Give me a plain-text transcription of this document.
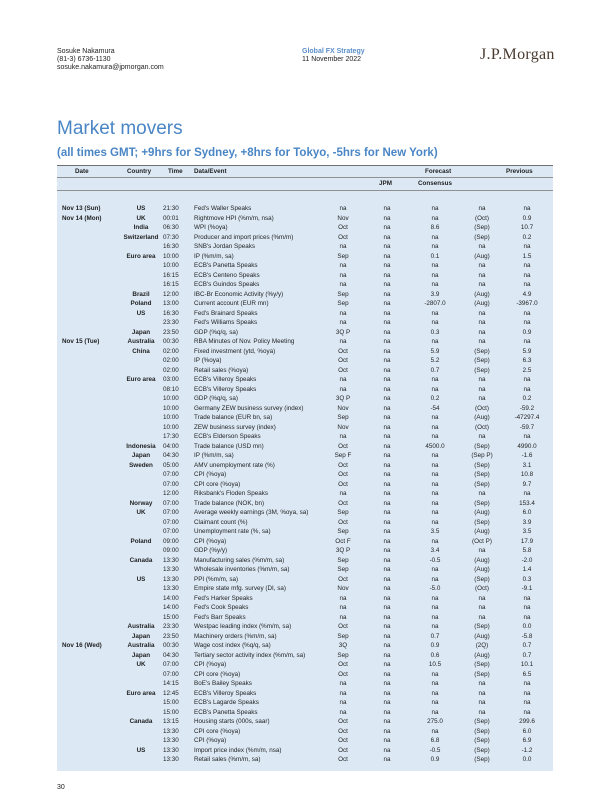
Sosuke Nakamura
(81-3) 6736-1130
sosuke.nakamura@jpmorgan.com
Global FX Strategy
11 November 2022	J.P.Morgan
Market movers
(all times GMT; +9hrs for Sydney, +8hrs for Tokyo, -5hrs for New York)
Date	Country	Time Data/Event	Forecast	Previous
JPM	Consensus
Nov 13 (Sun)	US	21:30 Fed's Waller Speaks	na	na	na	na	na
Nov 14 (Mon)	UK	00:01 Rightmove HPI (%m/m, nsa)	Nov	na	na	(Oct)	0.9
India	06:30 WPI (%oya)	Oct	na	8.6	(Sep)	10.7
Switzerland 07:30 Producer and import prices (%m/m)	Oct	na	na	(Sep)	0.2
16:30 SNB's Jordan Speaks	na	na	na	na	na
Euro area	10:00 IP (%m/m, sa)	Sep	na	0.1	(Aug)	1.5
10:00 ECB's Panetta Speaks	na	na	na	na	na
16:15 ECB's Centeno Speaks	na	na	na	na	na
16:15 ECB's Guindos Speaks	na	na	na	na	na
Brazil	12:00 IBC-Br Economic Activity (%y/y)	Sep	na	3.9	(Aug)	4.9
Poland	13:00 Current account (EUR mn)	Sep	na	-2807.0	(Aug)	-3967.0
US	16:30 Fed's Brainard Speaks	na	na	na	na	na
23:30 Fed's Williams Speaks	na	na	na	na	na
Japan	23:50 GDP (%q/q, sa)	3Q P	na	0.3	na	0.9
Nov 15 (Tue)	Australia	00:30 RBA Minutes of Nov. Policy Meeting	na	na	na	na	na
China	02:00 Fixed investment (ytd, %oya)	Oct	na	5.9	(Sep)	5.9
02:00 IP (%oya)	Oct	na	5.2	(Sep)	6.3
02:00 Retail sales (%oya)	Oct	na	0.7	(Sep)	2.5
Euro area	03:00 ECB's Villeroy Speaks	na	na	na	na	na
08:10 ECB's Villeroy Speaks	na	na	na	na	na
10:00 GDP (%q/q, sa)	3Q P	na	0.2	na	0.2
10:00 Germany ZEW business survey (index)	Nov	na	-54	(Oct)	-59.2
10:00 Trade balance (EUR bn, sa)	Sep	na	na	(Aug)	-47297.4
10:00 ZEW business survey (index)	Nov	na	na	(Oct)	-59.7
17:30 ECB's Elderson Speaks	na	na	na	na	na
Indonesia	04:00 Trade balance (USD mn)	Oct	na	4500.0	(Sep)	4990.0
Japan	04:30 IP (%m/m, sa)	Sep F	na	na	(Sep P)	-1.6
Sweden	05:00 AMV unemployment rate (%)	Oct	na	na	(Sep)	3.1
07:00 CPI (%oya)	Oct	na	na	(Sep)	10.8
07:00 CPI core (%oya)	Oct	na	na	(Sep)	9.7
12:00 Riksbank's Floden Speaks	na	na	na	na	na
Norway	07:00 Trade balance (NOK, bn)	Oct	na	na	(Sep)	153.4
UK	07:00 Average weekly earnings (3M, %oya, sa)	Sep	na	na	(Aug)	6.0
07:00 Claimant count (%)	Oct	na	na	(Sep)	3.9
07:00 Unemployment rate (%, sa)	Sep	na	3.5	(Aug)	3.5
Poland	09:00 CPI (%oya)	Oct F	na	na	(Oct P)	17.9
09:00 GDP (%y/y)	3Q P	na	3.4	na	5.8
Canada	13:30 Manufacturing sales (%m/m, sa)	Sep	na	-0.5	(Aug)	-2.0
13:30 Wholesale inventories (%m/m, sa)	Sep	na	na	(Aug)	1.4
US	13:30 PPI (%m/m, sa)	Oct	na	na	(Sep)	0.3
13:30 Empire state mfg. survey (DI, sa)	Nov	na	-5.0	(Oct)	-9.1
14:00 Fed's Harker Speaks	na	na	na	na	na
14:00 Fed's Cook Speaks	na	na	na	na	na
15:00 Fed's Barr Speaks	na	na	na	na	na
Australia	23:30 Westpac leading index (%m/m, sa)	Oct	na	na	(Sep)	0.0
Japan	23:50 Machinery orders (%m/m, sa)	Sep	na	0.7	(Aug)	-5.8
Nov 16 (Wed)	Australia	00:30 Wage cost index (%q/q, sa)	3Q	na	0.9	(2Q)	0.7
Japan	04:30 Tertiary sector activity index (%m/m, sa)	Sep	na	0.6	(Aug)	0.7
UK	07:00 CPI (%oya)	Oct	na	10.5	(Sep)	10.1
07:00 CPI core (%oya)	Oct	na	na	(Sep)	6.5
14:15 BoE's Bailey Speaks	na	na	na	na	na
Euro area	12:45 ECB's Villeroy Speaks	na	na	na	na	na
15:00 ECB's Lagarde Speaks	na	na	na	na	na
15:00 ECB's Panetta Speaks	na	na	na	na	na
Canada	13:15 Housing starts (000s, saar)	Oct	na	275.0	(Sep)	299.6
13:30 CPI core (%oya)	Oct	na	na	(Sep)	6.0
13:30 CPI (%oya)	Oct	na	6.8	(Sep)	6.9
US	13:30 Import price index (%m/m, nsa)	Oct	na	-0.5	(Sep)	-1.2
13:30 Retail sales (%m/m, sa)	Oct	na	0.9	(Sep)	0.0
30
